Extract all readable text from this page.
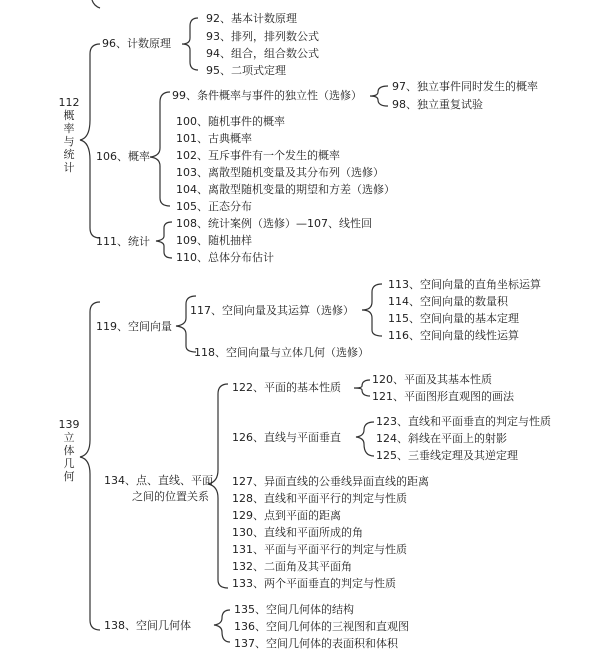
112
概
率
与
统
计
139
立
体
几
何
96、计数原理
92、基本计数原理
93、排列，排列数公式
94、组合，组合数公式
95、二项式定理
106、概率
99、条件概率与事件的独立性（选修）
97、独立事件同时发生的概率
98、独立重复试验
100、随机事件的概率
101、古典概率
102、互斥事件有一个发生的概率
103、离散型随机变量及其分布列（选修）
104、离散型随机变量的期望和方差（选修）
105、正态分布
111、统计
108、统计案例（选修）—107、线性回
109、随机抽样
110、总体分布估计
119、空间向量
117、空间向量及其运算（选修）
113、空间向量的直角坐标运算
114、空间向量的数量积
115、空间向量的基本定理
116、空间向量的线性运算
118、空间向量与立体几何（选修）
134、点、直线、平面
之间的位置关系
122、平面的基本性质
120、平面及其基本性质
121、平面图形直观图的画法
126、直线与平面垂直
123、直线和平面垂直的判定与性质
124、斜线在平面上的射影
125、三垂线定理及其逆定理
127、异面直线的公垂线异面直线的距离
128、直线和平面平行的判定与性质
129、点到平面的距离
130、直线和平面所成的角
131、平面与平面平行的判定与性质
132、二面角及其平面角
133、两个平面垂直的判定与性质
138、空间几何体
135、空间几何体的结构
136、空间几何体的三视图和直观图
137、空间几何体的表面积和体积
